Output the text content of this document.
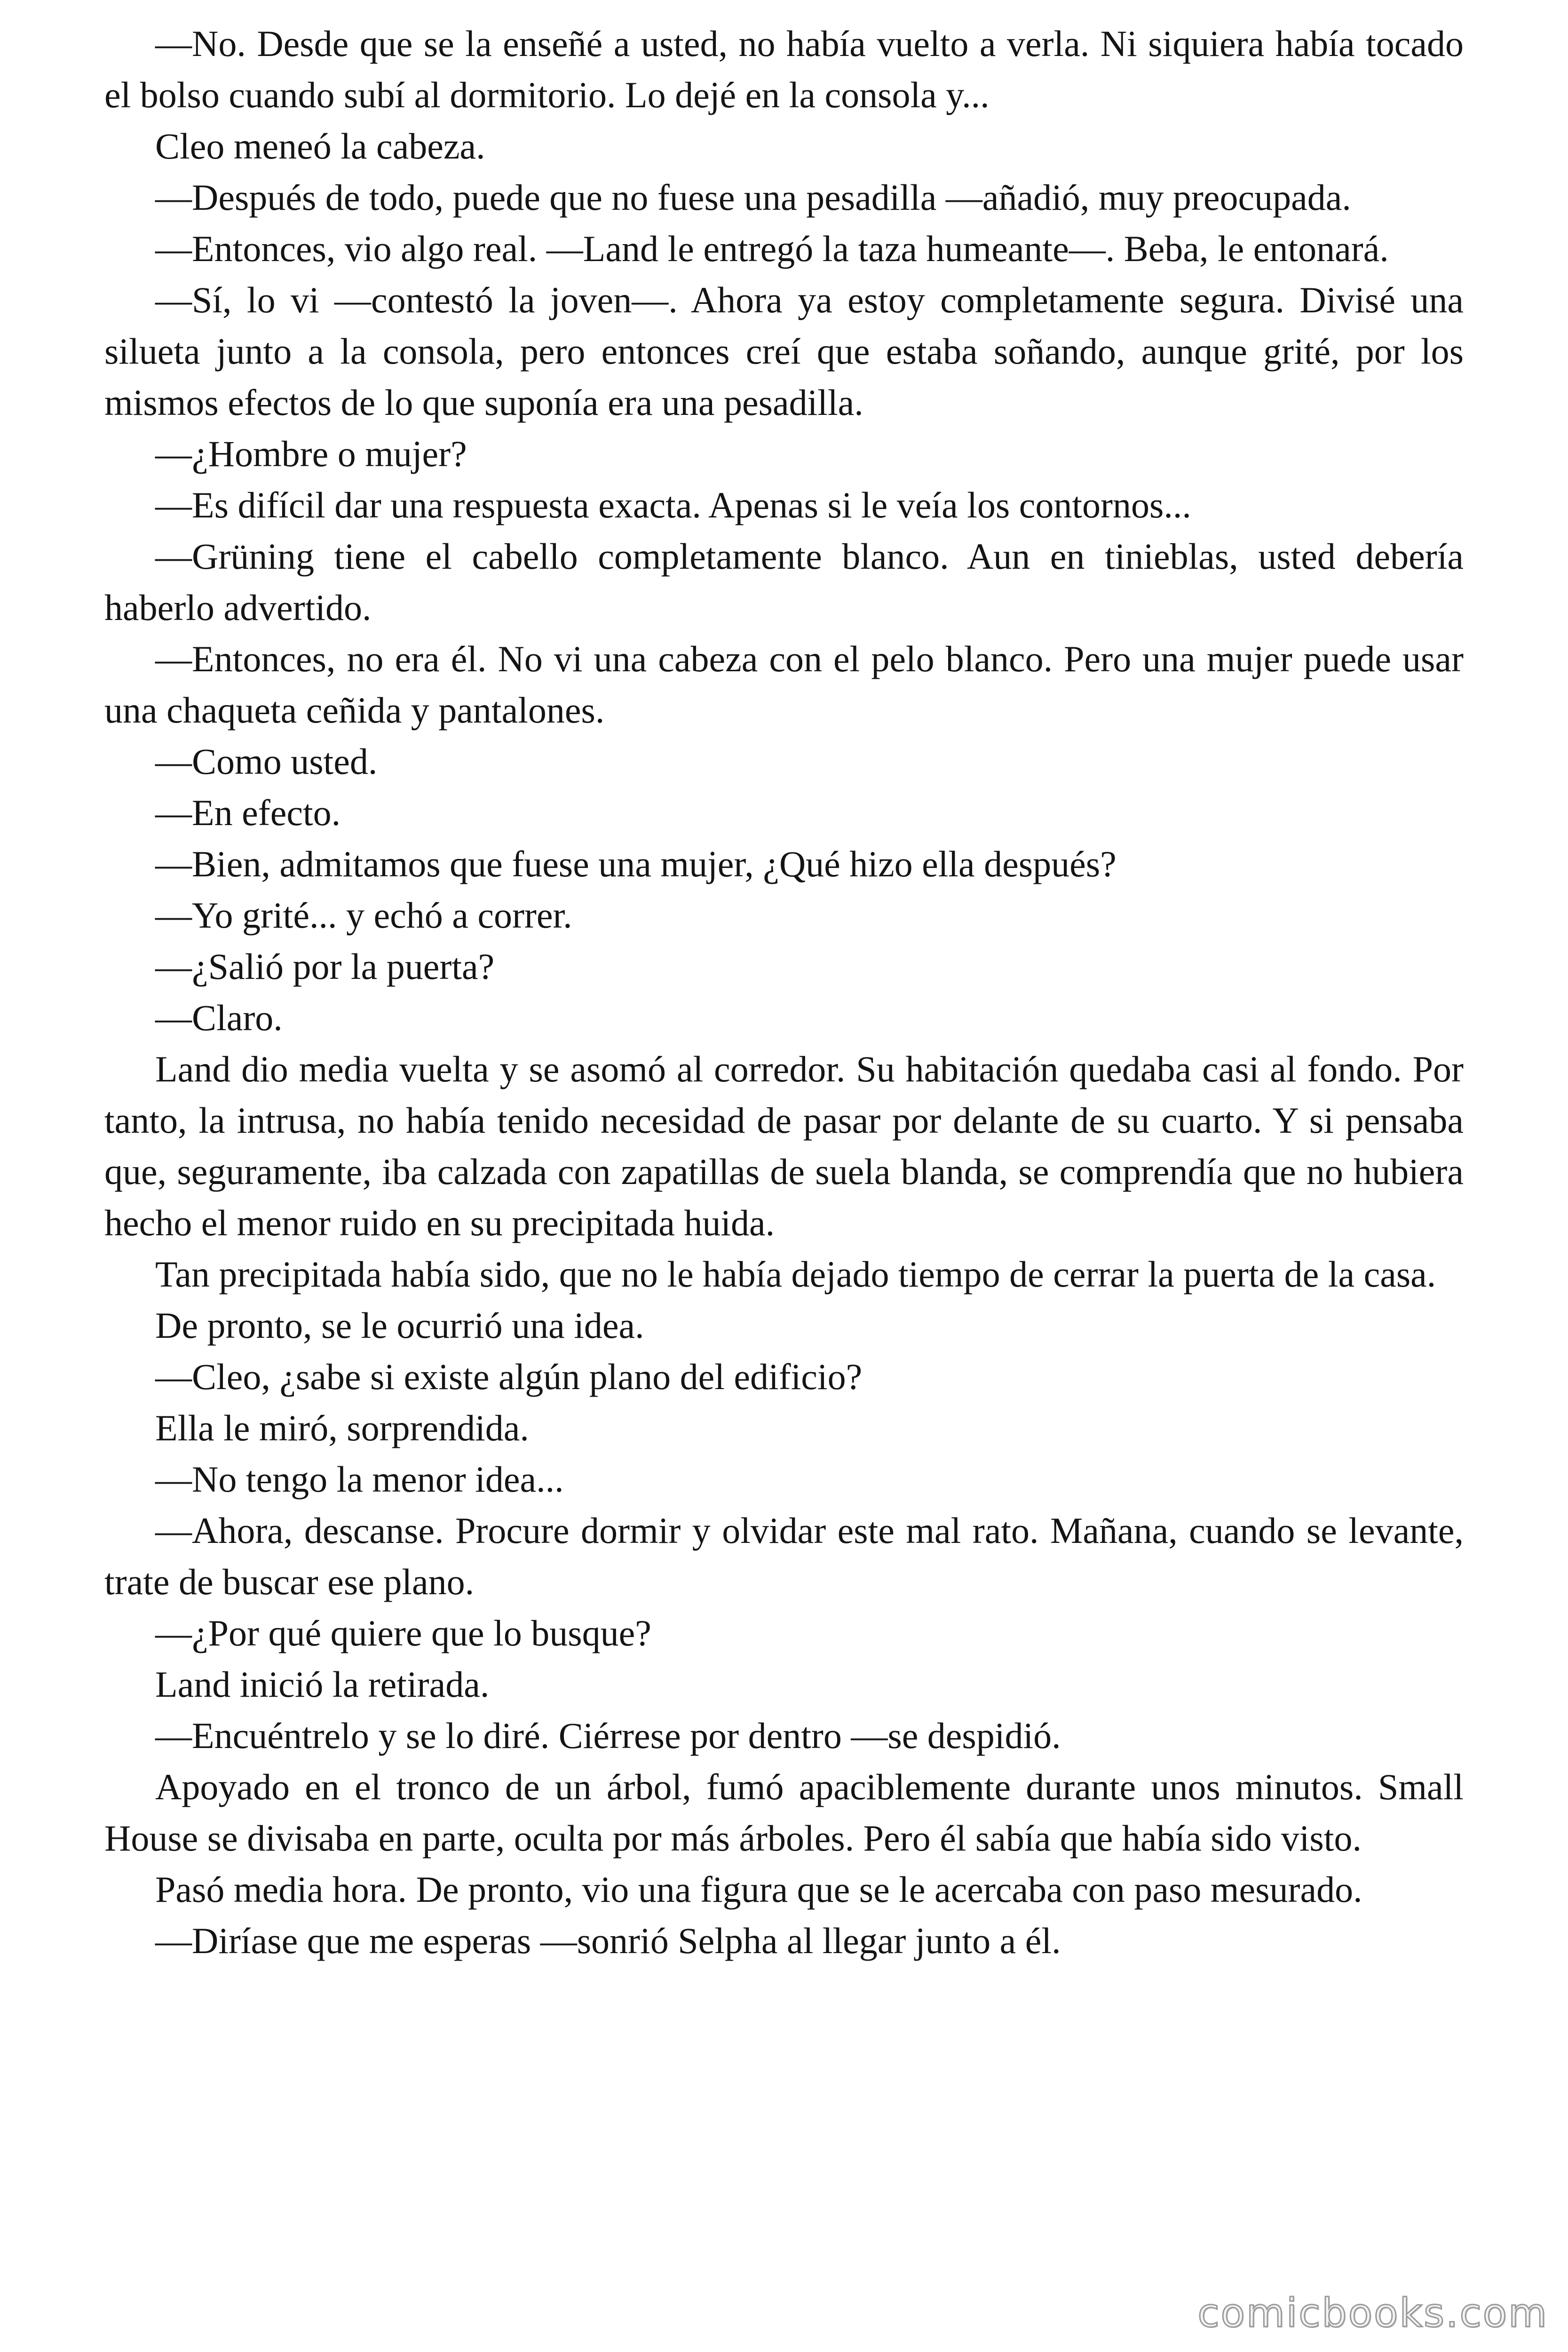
—No. Desde que se la enseñé a usted, no había vuelto a verla. Ni siquiera había tocado el bolso cuando subí al dormitorio. Lo dejé en la consola y...

Cleo meneó la cabeza.

—Después de todo, puede que no fuese una pesadilla —añadió, muy preocupada.

—Entonces, vio algo real. —Land le entregó la taza humeante—. Beba, le entonará.

—Sí, lo vi —contestó la joven—. Ahora ya estoy completamente segura. Divisé una silueta junto a la consola, pero entonces creí que estaba soñando, aunque grité, por los mismos efectos de lo que suponía era una pesadilla.

—¿Hombre o mujer?

—Es difícil dar una respuesta exacta. Apenas si le veía los contornos...

—Grüning tiene el cabello completamente blanco. Aun en tinieblas, usted debería haberlo advertido.

—Entonces, no era él. No vi una cabeza con el pelo blanco. Pero una mujer puede usar una chaqueta ceñida y pantalones.

—Como usted.

—En efecto.

—Bien, admitamos que fuese una mujer, ¿Qué hizo ella después?

—Yo grité... y echó a correr.

—¿Salió por la puerta?

—Claro.

Land dio media vuelta y se asomó al corredor. Su habitación quedaba casi al fondo. Por tanto, la intrusa, no había tenido necesidad de pasar por delante de su cuarto. Y si pensaba que, seguramente, iba calzada con zapatillas de suela blanda, se comprendía que no hubiera hecho el menor ruido en su precipitada huida.

Tan precipitada había sido, que no le había dejado tiempo de cerrar la puerta de la casa.

De pronto, se le ocurrió una idea.

—Cleo, ¿sabe si existe algún plano del edificio?

Ella le miró, sorprendida.

—No tengo la menor idea...

—Ahora, descanse. Procure dormir y olvidar este mal rato. Mañana, cuando se levante, trate de buscar ese plano.

—¿Por qué quiere que lo busque?

Land inició la retirada.

—Encuéntrelo y se lo diré. Ciérrese por dentro —se despidió.

Apoyado en el tronco de un árbol, fumó apaciblemente durante unos minutos. Small House se divisaba en parte, oculta por más árboles. Pero él sabía que había sido visto.

Pasó media hora. De pronto, vio una figura que se le acercaba con paso mesurado.

—Diríase que me esperas —sonrió Selpha al llegar junto a él.

comicbooks.com
